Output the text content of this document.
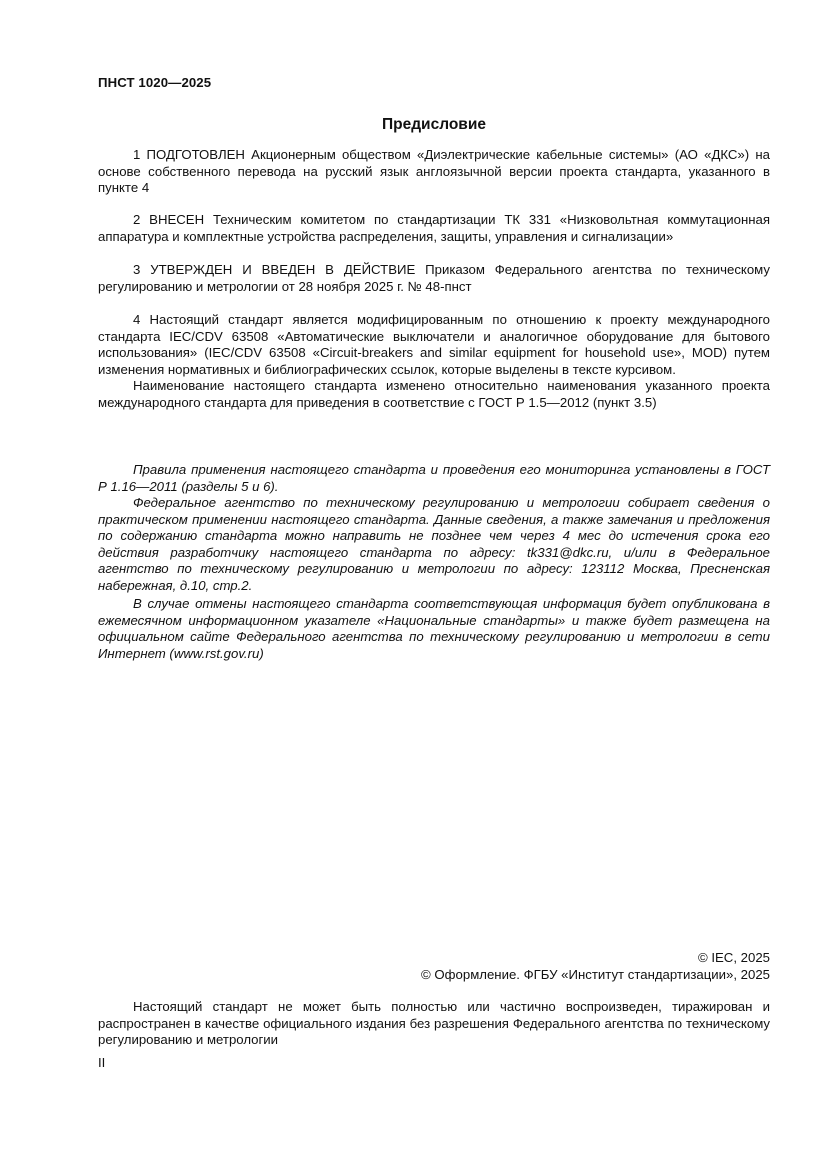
ПНСТ 1020—2025
Предисловие

1 ПОДГОТОВЛЕН Акционерным обществом «Диэлектрические кабельные системы» (АО «ДКС») на основе собственного перевода на русский язык англоязычной версии проекта стандарта, указанного в пункте 4

2 ВНЕСЕН Техническим комитетом по стандартизации ТК 331 «Низковольтная коммутационная аппаратура и комплектные устройства распределения, защиты, управления и сигнализации»

3 УТВЕРЖДЕН И ВВЕДЕН В ДЕЙСТВИЕ Приказом Федерального агентства по техническому регулированию и метрологии от 28 ноября 2025 г. № 48-пнст

4 Настоящий стандарт является модифицированным по отношению к проекту международного стандарта IEC/CDV 63508 «Автоматические выключатели и аналогичное оборудование для бытового использования» (IEC/CDV 63508 «Circuit-breakers and similar equipment for household use», MOD) путем изменения нормативных и библиографических ссылок, которые выделены в тексте курсивом.

Наименование настоящего стандарта изменено относительно наименования указанного проекта международного стандарта для приведения в соответствие с ГОСТ Р 1.5—2012 (пункт 3.5)

Правила применения настоящего стандарта и проведения его мониторинга установлены в ГОСТ Р 1.16—2011 (разделы 5 и 6).

Федеральное агентство по техническому регулированию и метрологии собирает сведения о практическом применении настоящего стандарта. Данные сведения, а также замечания и предложения по содержанию стандарта можно направить не позднее чем через 4 мес до истечения срока его действия разработчику настоящего стандарта по адресу: tk331@dkc.ru, и/или в Федеральное агентство по техническому регулированию и метрологии по адресу: 123112 Москва, Пресненская набережная, д.10, стр.2.

В случае отмены настоящего стандарта соответствующая информация будет опубликована в ежемесячном информационном указателе «Национальные стандарты» и также будет размещена на официальном сайте Федерального агентства по техническому регулированию и метрологии в сети Интернет (www.rst.gov.ru)

© IEC, 2025
© Оформление. ФГБУ «Институт стандартизации», 2025

Настоящий стандарт не может быть полностью или частично воспроизведен, тиражирован и распространен в качестве официального издания без разрешения Федерального агентства по техническому регулированию и метрологии

II
